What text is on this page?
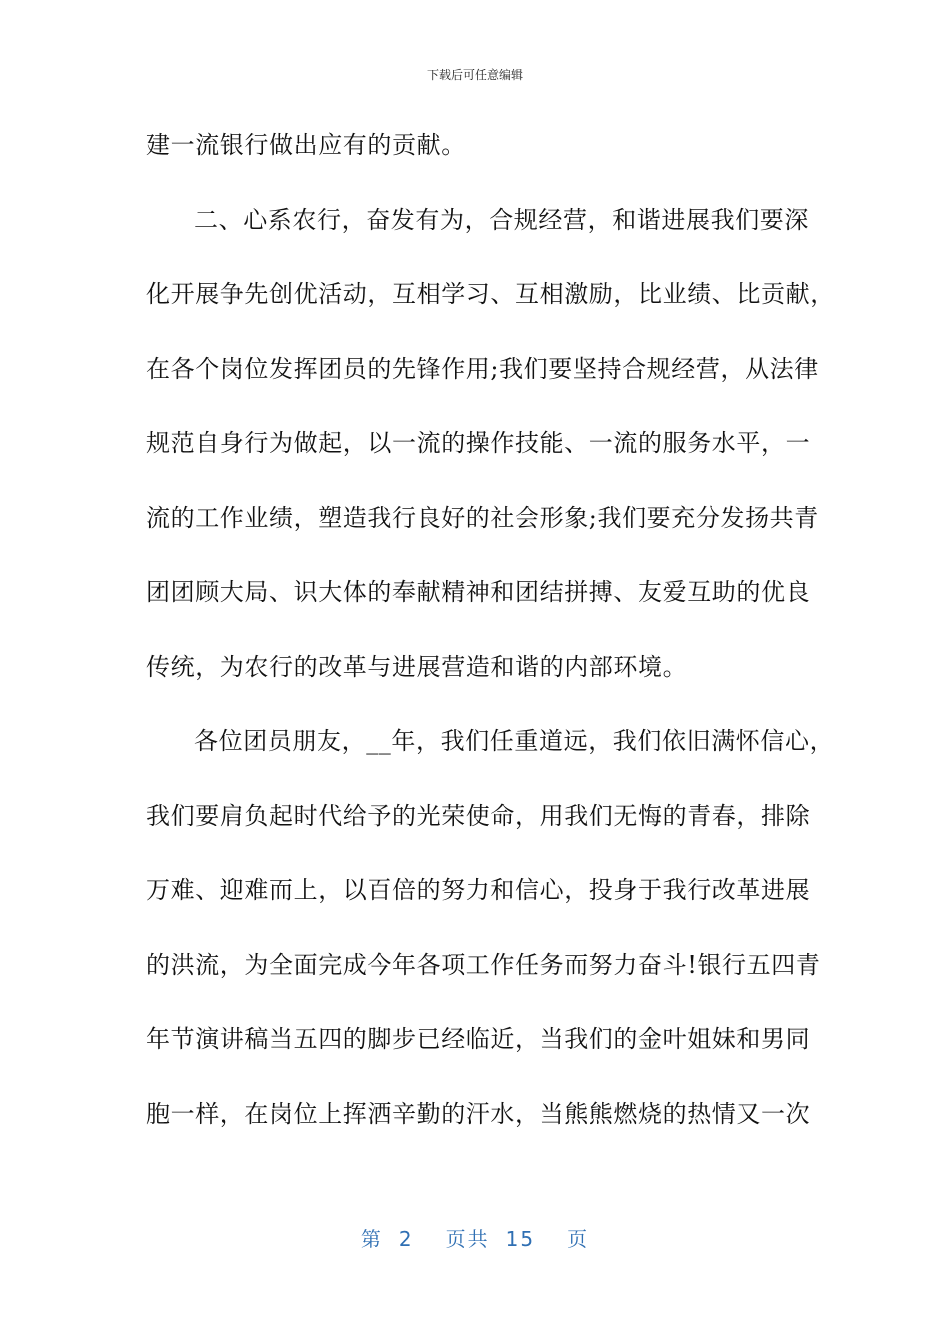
下载后可任意编辑
建一流银行做出应有的贡献。
二、心系农行，奋发有为，合规经营，和谐进展我们要深
化开展争先创优活动，互相学习、互相激励，比业绩、比贡献，
在各个岗位发挥团员的先锋作用;我们要坚持合规经营，从法律
规范自身行为做起，以一流的操作技能、一流的服务水平，一
流的工作业绩，塑造我行良好的社会形象;我们要充分发扬共青
团团顾大局、识大体的奉献精神和团结拼搏、友爱互助的优良
传统，为农行的改革与进展营造和谐的内部环境。
各位团员朋友，__年，我们任重道远，我们依旧满怀信心，
我们要肩负起时代给予的光荣使命，用我们无悔的青春，排除
万难、迎难而上，以百倍的努力和信心，投身于我行改革进展
的洪流，为全面完成今年各项工作任务而努力奋斗!银行五四青
年节演讲稿当五四的脚步已经临近，当我们的金叶姐妹和男同
胞一样，在岗位上挥洒辛勤的汗水，当熊熊燃烧的热情又一次
第 2 页共 15 页
